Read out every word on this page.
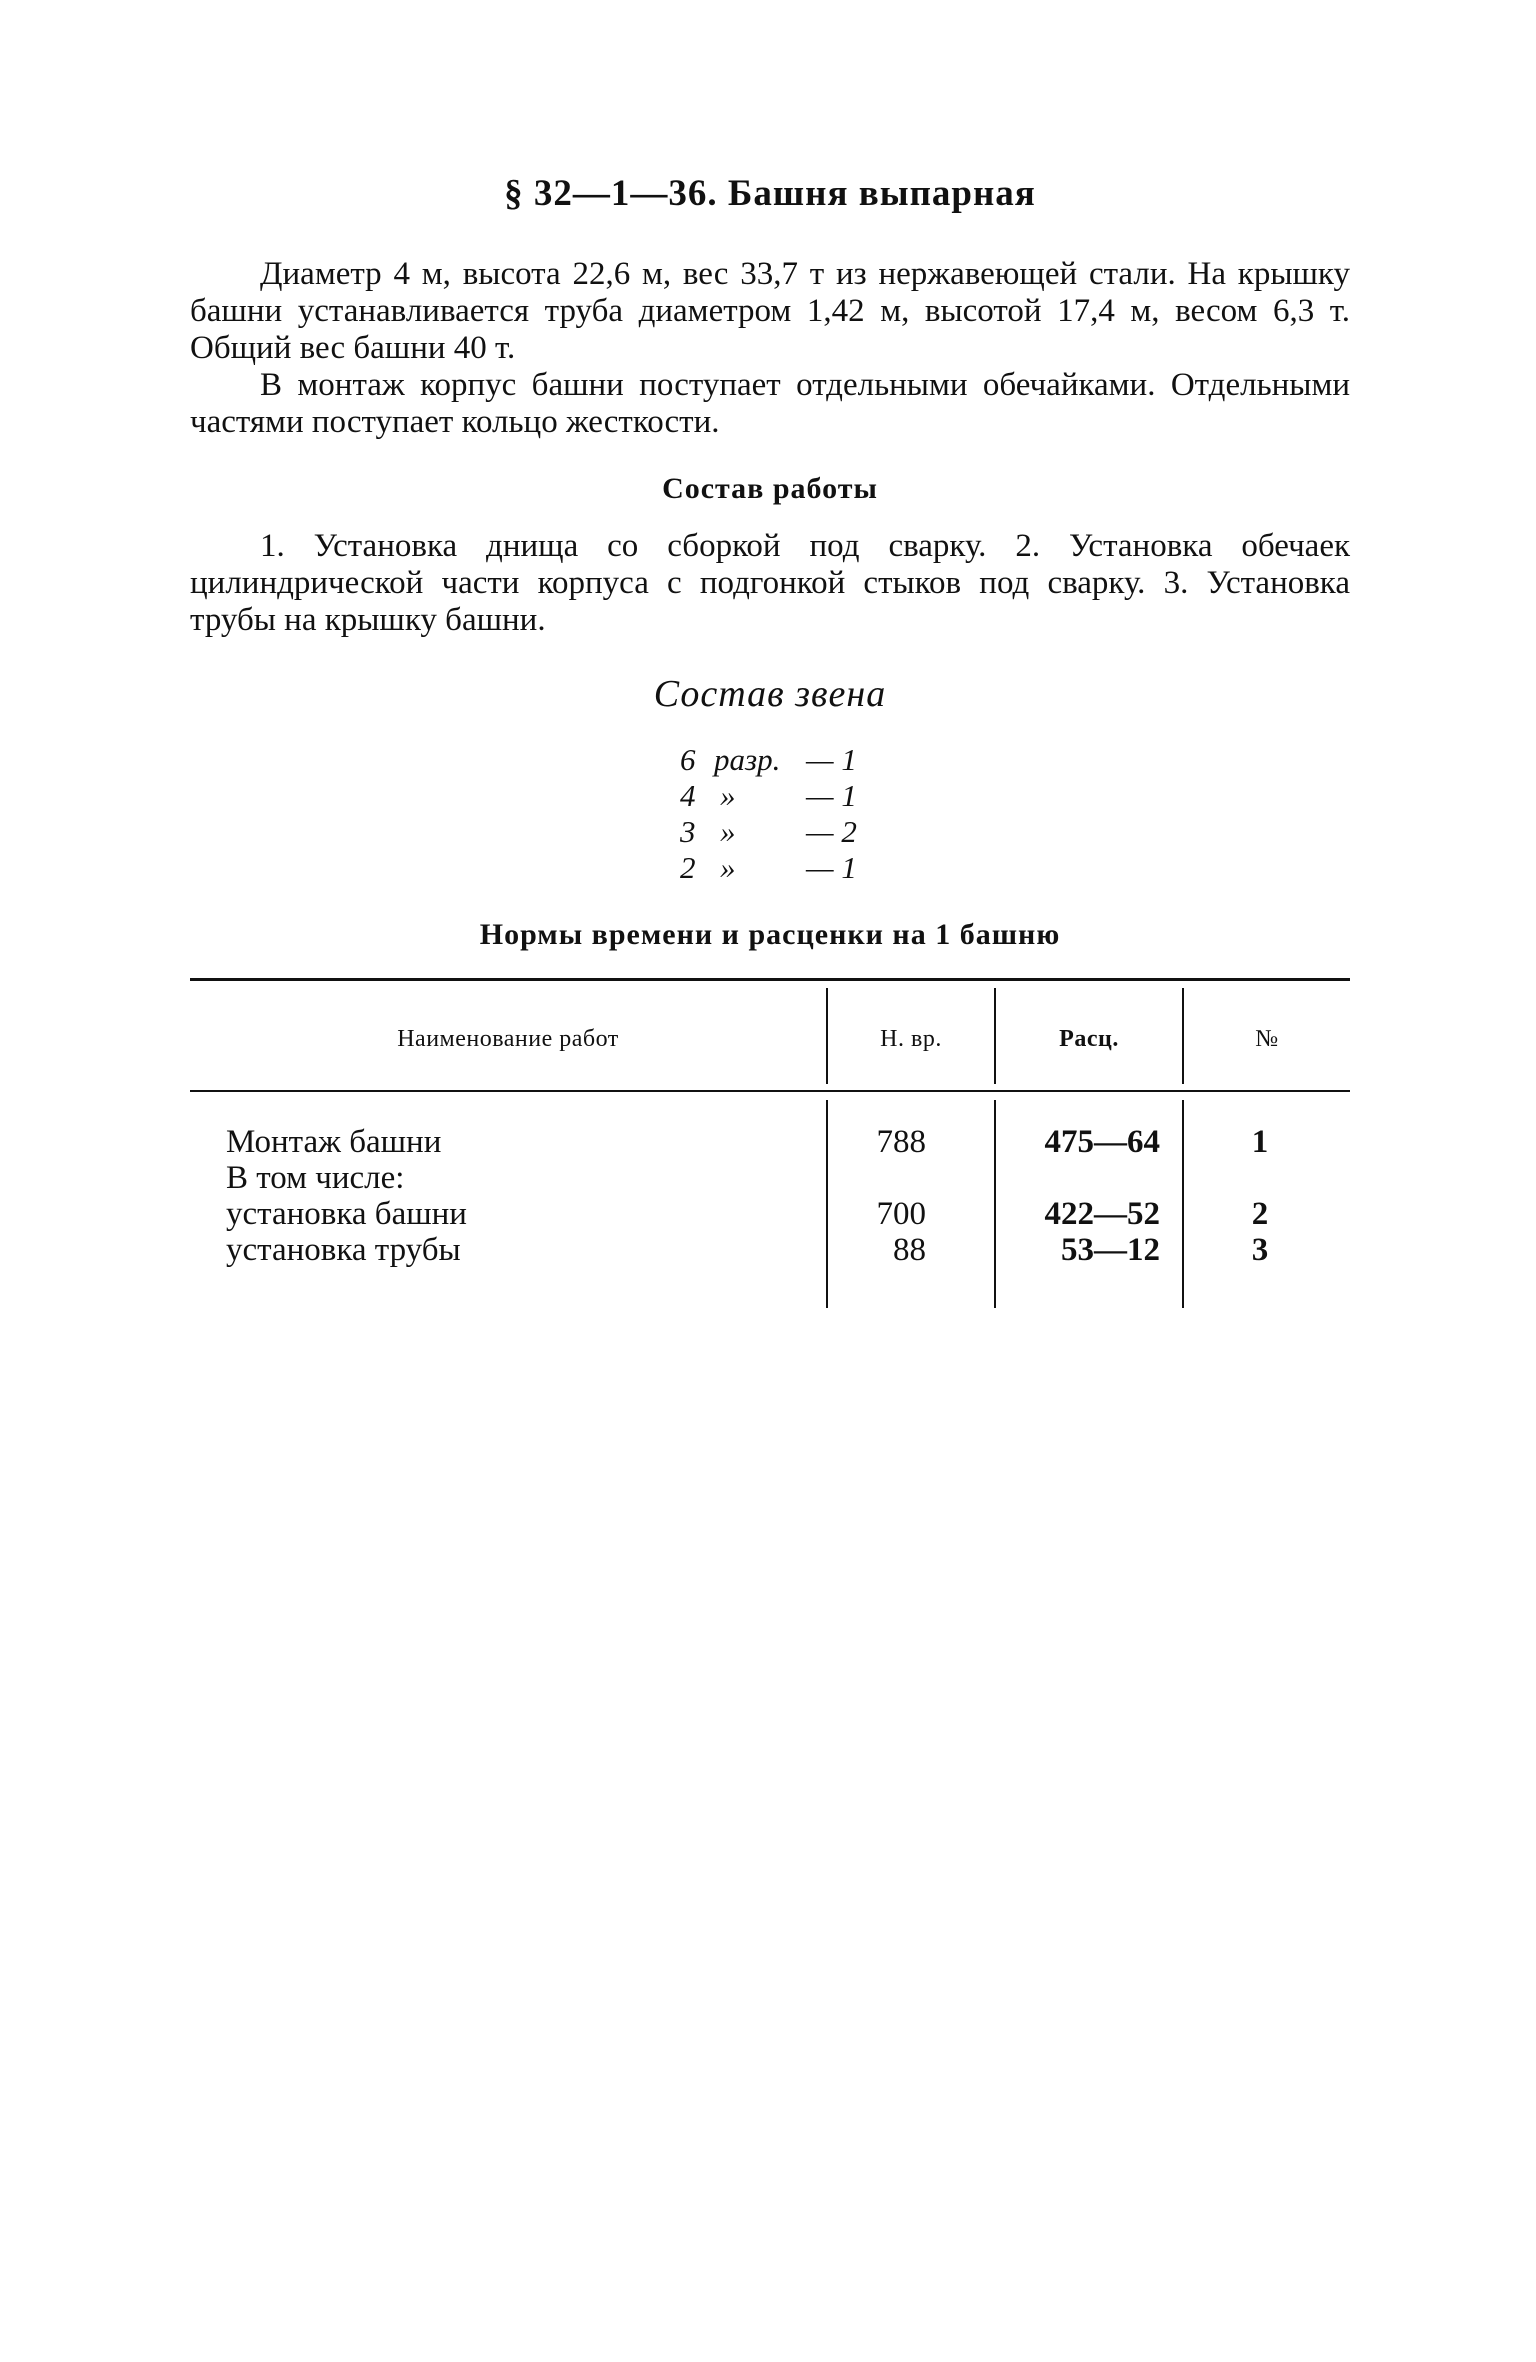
§ 32—1—36. Башня выпарная
Диаметр 4 м, высота 22,6 м, вес 33,7 т из нержавеющей стали. На крышку башни устанавливается труба диаметром 1,42 м, высотой 17,4 м, весом 6,3 т. Общий вес башни 40 т.
В монтаж корпус башни поступает отдельными обечайками. Отдельными частями поступает кольцо жесткости.
Состав работы
1. Установка днища со сборкой под сварку. 2. Установка обечаек цилиндрической части корпуса с подгонкой стыков под сварку. 3. Установка трубы на крышку башни.
Состав звена
6 разр. — 1
4 »	— 1
3 »	— 2
2 »	— 1
Нормы времени и расценки на 1 башню
Наименование работ	Н. вр.	Расц.	№
Монтаж башни	788	475—64	1
В том числе:
установка башни	700	422—52	2
установка трубы	88	53—12	3
